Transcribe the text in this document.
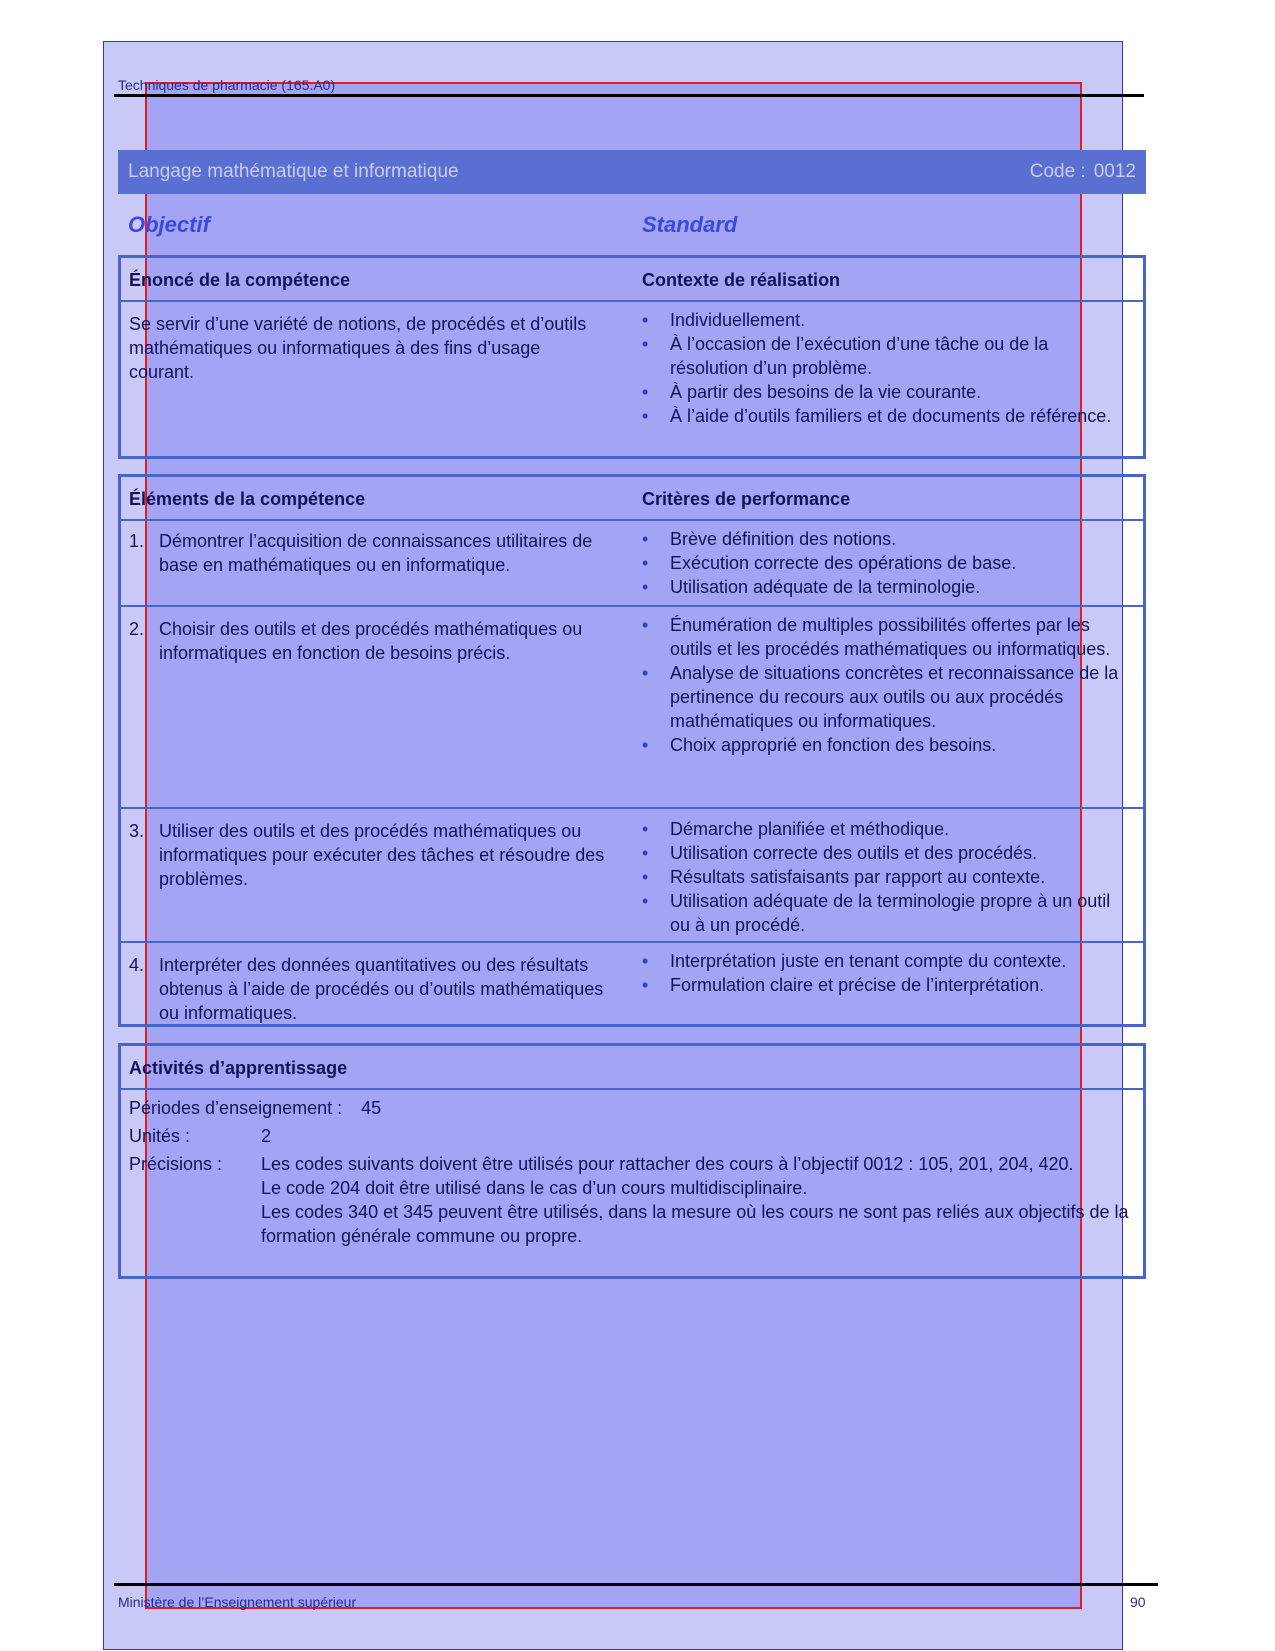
Techniques de pharmacie (165.A0)
Langage mathématique et informatique	Code : 0012
Objectif	Standard
Énoncé de la compétence	Contexte de réalisation
Se servir d’une variété de notions, de procédés et d’outils mathématiques ou informatiques à des fins d’usage courant.
• Individuellement.
• À l’occasion de l’exécution d’une tâche ou de la résolution d’un problème.
• À partir des besoins de la vie courante.
• À l’aide d’outils familiers et de documents de référence.
Éléments de la compétence	Critères de performance
1. Démontrer l’acquisition de connaissances utilitaires de base en mathématiques ou en informatique.
• Brève définition des notions.
• Exécution correcte des opérations de base.
• Utilisation adéquate de la terminologie.
2. Choisir des outils et des procédés mathématiques ou informatiques en fonction de besoins précis.
• Énumération de multiples possibilités offertes par les outils et les procédés mathématiques ou informatiques.
• Analyse de situations concrètes et reconnaissance de la pertinence du recours aux outils ou aux procédés mathématiques ou informatiques.
• Choix approprié en fonction des besoins.
3. Utiliser des outils et des procédés mathématiques ou informatiques pour exécuter des tâches et résoudre des problèmes.
• Démarche planifiée et méthodique.
• Utilisation correcte des outils et des procédés.
• Résultats satisfaisants par rapport au contexte.
• Utilisation adéquate de la terminologie propre à un outil ou à un procédé.
4. Interpréter des données quantitatives ou des résultats obtenus à l’aide de procédés ou d’outils mathématiques ou informatiques.
• Interprétation juste en tenant compte du contexte.
• Formulation claire et précise de l’interprétation.
Activités d’apprentissage
Périodes d’enseignement : 45
Unités :	2
Précisions : Les codes suivants doivent être utilisés pour rattacher des cours à l’objectif 0012 : 105, 201, 204, 420.
Le code 204 doit être utilisé dans le cas d’un cours multidisciplinaire.
Les codes 340 et 345 peuvent être utilisés, dans la mesure où les cours ne sont pas reliés aux objectifs de la formation générale commune ou propre.
Ministère de l’Enseignement supérieur	90
